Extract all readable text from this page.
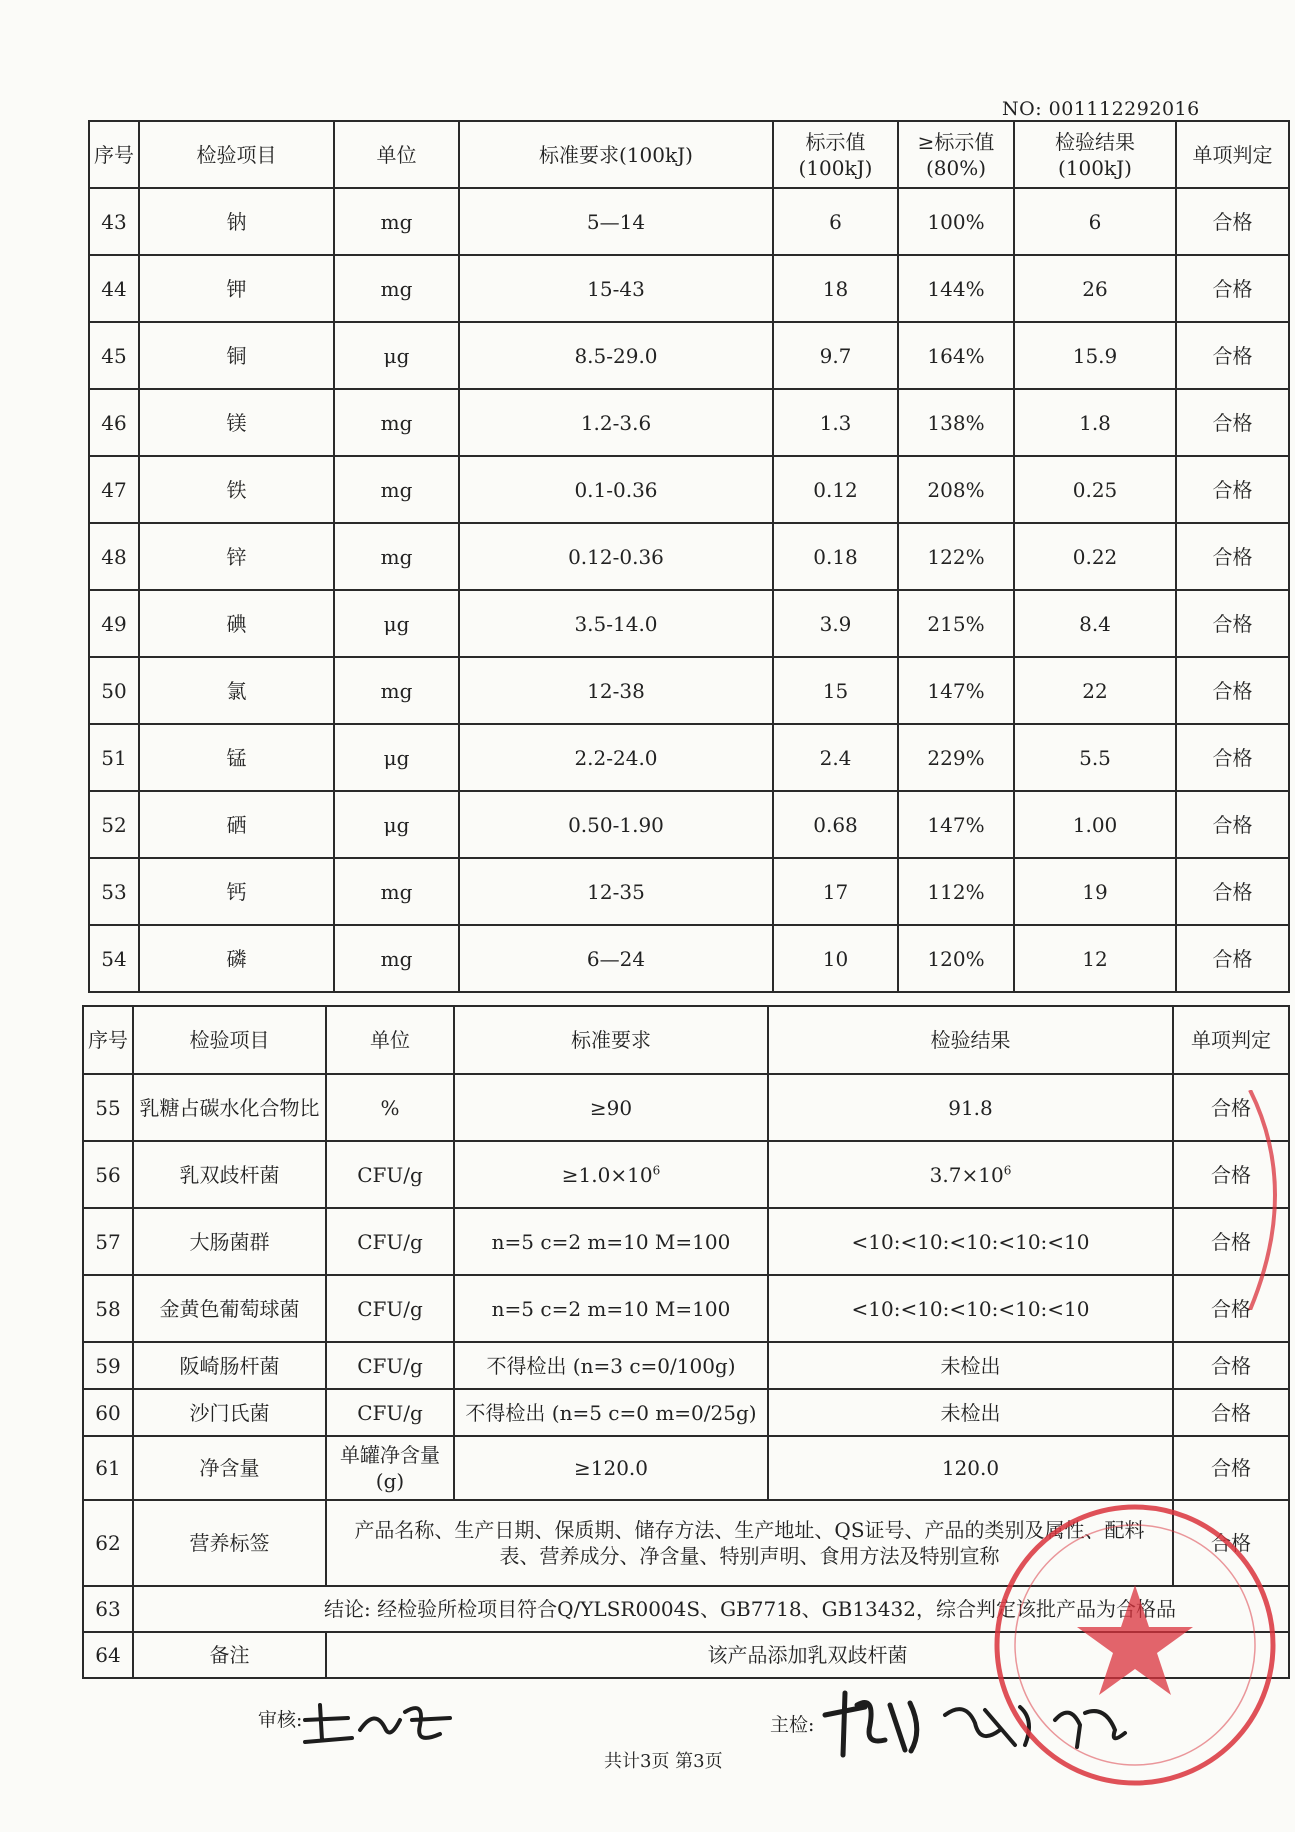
NO: 001112292016
序号	检验项目	单位	标准要求(100kJ)	标示值(100kJ)	≥标示值(80%)	检验结果(100kJ)	单项判定
43	钠	mg	5—14	6	100%	6	合格
44	钾	mg	15-43	18	144%	26	合格
45	铜	μg	8.5-29.0	9.7	164%	15.9	合格
46	镁	mg	1.2-3.6	1.3	138%	1.8	合格
47	铁	mg	0.1-0.36	0.12	208%	0.25	合格
48	锌	mg	0.12-0.36	0.18	122%	0.22	合格
49	碘	μg	3.5-14.0	3.9	215%	8.4	合格
50	氯	mg	12-38	15	147%	22	合格
51	锰	μg	2.2-24.0	2.4	229%	5.5	合格
52	硒	μg	0.50-1.90	0.68	147%	1.00	合格
53	钙	mg	12-35	17	112%	19	合格
54	磷	mg	6—24	10	120%	12	合格
序号	检验项目	单位	标准要求	检验结果	单项判定
55	乳糖占碳水化合物比	%	≥90	91.8	合格
56	乳双歧杆菌	CFU/g	$\ge 1.0\times 10^6$	$3.7\times 10^6$	合格
57	大肠菌群	CFU/g	n=5 c=2 m=10 M=100	<10:<10:<10:<10:<10	合格
58	金黄色葡萄球菌	CFU/g	n=5 c=2 m=10 M=100	<10:<10:<10:<10:<10	合格
59	阪崎肠杆菌	CFU/g	不得检出 (n=3 c=0/100g)	未检出	合格
60	沙门氏菌	CFU/g	不得检出 (n=5 c=0 m=0/25g)	未检出	合格
61	净含量	单罐净含量(g)	≥120.0	120.0	合格
62	营养标签	产品名称、生产日期、保质期、储存方法、生产地址、QS证号、产品的类别及属性、配料表、营养成分、净含量、特别声明、食用方法及特别宣称			合格
63	结论: 经检验所检项目符合Q/YLSR0004S、GB7718、GB13432，综合判定该批产品为合格品				
64	备注	该产品添加乳双歧杆菌			
审核:	主检:
共计3页 第3页
